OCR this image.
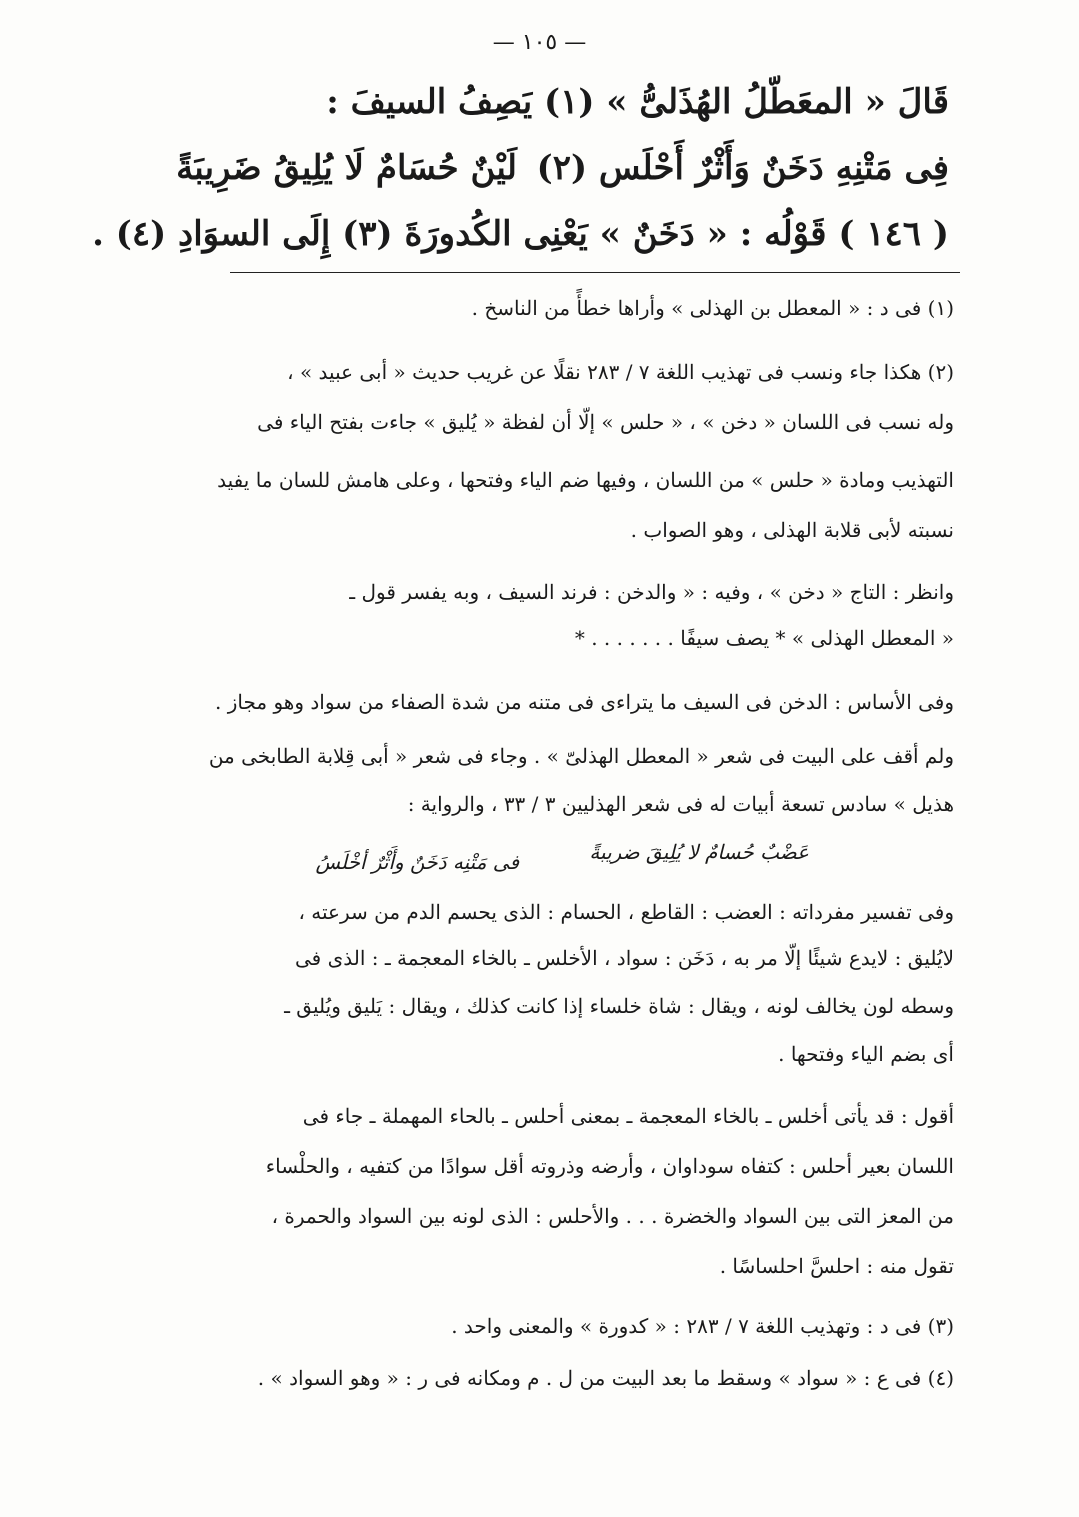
— ١٠٥ —
قَالَ « المعَطّلُ الهُذَلىُّ » (١) يَصِفُ السيفَ :
لَيْنٌ حُسَامٌ لَا يُلِيقُ ضَرِيبَةً فِى مَتْنِهِ دَخَنٌ وَأَثْرٌ أَحْلَس (٢)
( ١٤٦ ) قَوْلُه : « دَخَنٌ » يَعْنِى الكُدورَةَ (٣) إِلَى السوَادِ (٤) .
(١) فى د : « المعطل بن الهذلى » وأراها خطأً من الناسخ .
(٢) هكذا جاء ونسب فى تهذيب اللغة ٧ / ٢٨٣ نقلًا عن غريب حديث « أبى عبيد » ،
وله نسب فى اللسان « دخن » ، « حلس » إلّا أن لفظة « يُليق » جاءت بفتح الياء فى
التهذيب ومادة « حلس » من اللسان ، وفيها ضم الياء وفتحها ، وعلى هامش للسان ما يفيد
نسبته لأبى قلابة الهذلى ، وهو الصواب .
وانظر : التاج « دخن » ، وفيه : « والدخن : فرند السيف ، وبه يفسر قول ـ
« المعطل الهذلى » * يصف سيفًا . . . . . . . *
وفى الأساس : الدخن فى السيف ما يتراءى فى متنه من شدة الصفاء من سواد وهو مجاز .
ولم أقف على البيت فى شعر « المعطل الهذلىّ » . وجاء فى شعر « أبى قِلابة الطابخى من
هذيل » سادس تسعة أبيات له فى شعر الهذليين ٣ / ٣٣ ، والرواية :
عَضْبٌ حُسامٌ لا يُلِيقَ ضريبةً
فى مَتْنِه دَخَنٌ وأَثْرٌ أخْلَسُ
وفى تفسير مفرداته : العضب : القاطع ، الحسام : الذى يحسم الدم من سرعته ،
لايُليق : لايدع شيئًا إلّا مر به ، دَخَن : سواد ، الأخلس ـ بالخاء المعجمة ـ : الذى فى
وسطه لون يخالف لونه ، ويقال : شاة خلساء إذا كانت كذلك ، ويقال : يَليق ويُليق ـ
أى بضم الياء وفتحها .
أقول : قد يأتى أخلس ـ بالخاء المعجمة ـ بمعنى أحلس ـ بالحاء المهملة ـ جاء فى
اللسان بعير أحلس : كتفاه سوداوان ، وأرضه وذروته أقل سوادًا من كتفيه ، والحلْساء
من المعز التى بين السواد والخضرة . . . والأحلس : الذى لونه بين السواد والحمرة ،
تقول منه : احلسَّ احلساسًا .
(٣) فى د : وتهذيب اللغة ٧ / ٢٨٣ : « كدورة » والمعنى واحد .
(٤) فى ع : « سواد » وسقط ما بعد البيت من ل . م ومكانه فى ر : « وهو السواد » .
